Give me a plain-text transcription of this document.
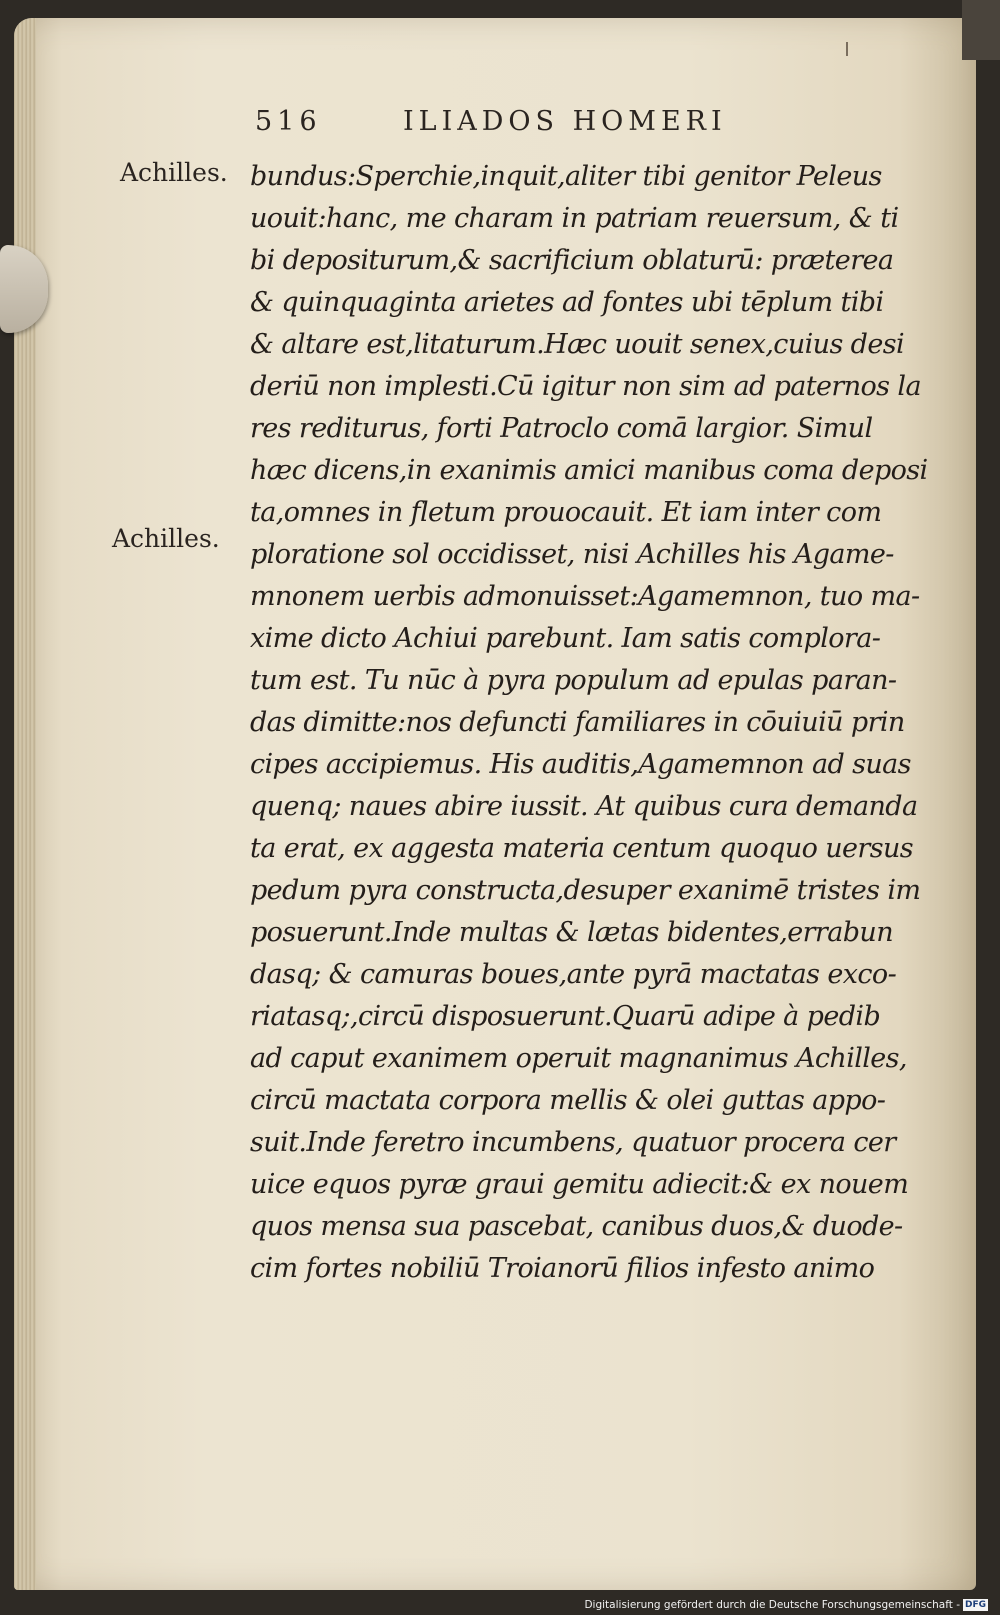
516	ILIADOS HOMERI
Achilles.
Achilles.
bundus:Sperchie,inquit,aliter tibi genitor Peleus
uouit:hanc, me charam in patriam reuersum, & ti
bi depositurum,& sacrificium oblaturū: præterea
& quinquaginta arietes ad fontes ubi tēplum tibi
& altare est,litaturum.Hæc uouit senex,cuius desi
deriū non implesti.Cū igitur non sim ad paternos la
res rediturus, forti Patroclo comā largior. Simul
hæc dicens,in exanimis amici manibus coma deposi
ta,omnes in fletum prouocauit. Et iam inter com
ploratione sol occidisset, nisi Achilles his Agame-
mnonem uerbis admonuisset:Agamemnon, tuo ma-
xime dicto Achiui parebunt. Iam satis complora-
tum est. Tu nūc à pyra populum ad epulas paran-
das dimitte:nos defuncti familiares in cōuiuiū prin
cipes accipiemus. His auditis,Agamemnon ad suas
quenq; naues abire iussit. At quibus cura demanda
ta erat, ex aggesta materia centum quoquo uersus
pedum pyra constructa,desuper exanimē tristes im
posuerunt.Inde multas & lætas bidentes,errabun
dasq; & camuras boues,ante pyrā mactatas exco-
riatasq;,circū disposuerunt.Quarū adipe à pedib
ad caput exanimem operuit magnanimus Achilles,
circū mactata corpora mellis & olei guttas appo-
suit.Inde feretro incumbens, quatuor procera cer
uice equos pyræ graui gemitu adiecit:& ex nouem
quos mensa sua pascebat, canibus duos,& duode-
cim fortes nobiliū Troianorū filios infesto animo
Digitalisierung gefördert durch die Deutsche Forschungsgemeinschaft - DFG
